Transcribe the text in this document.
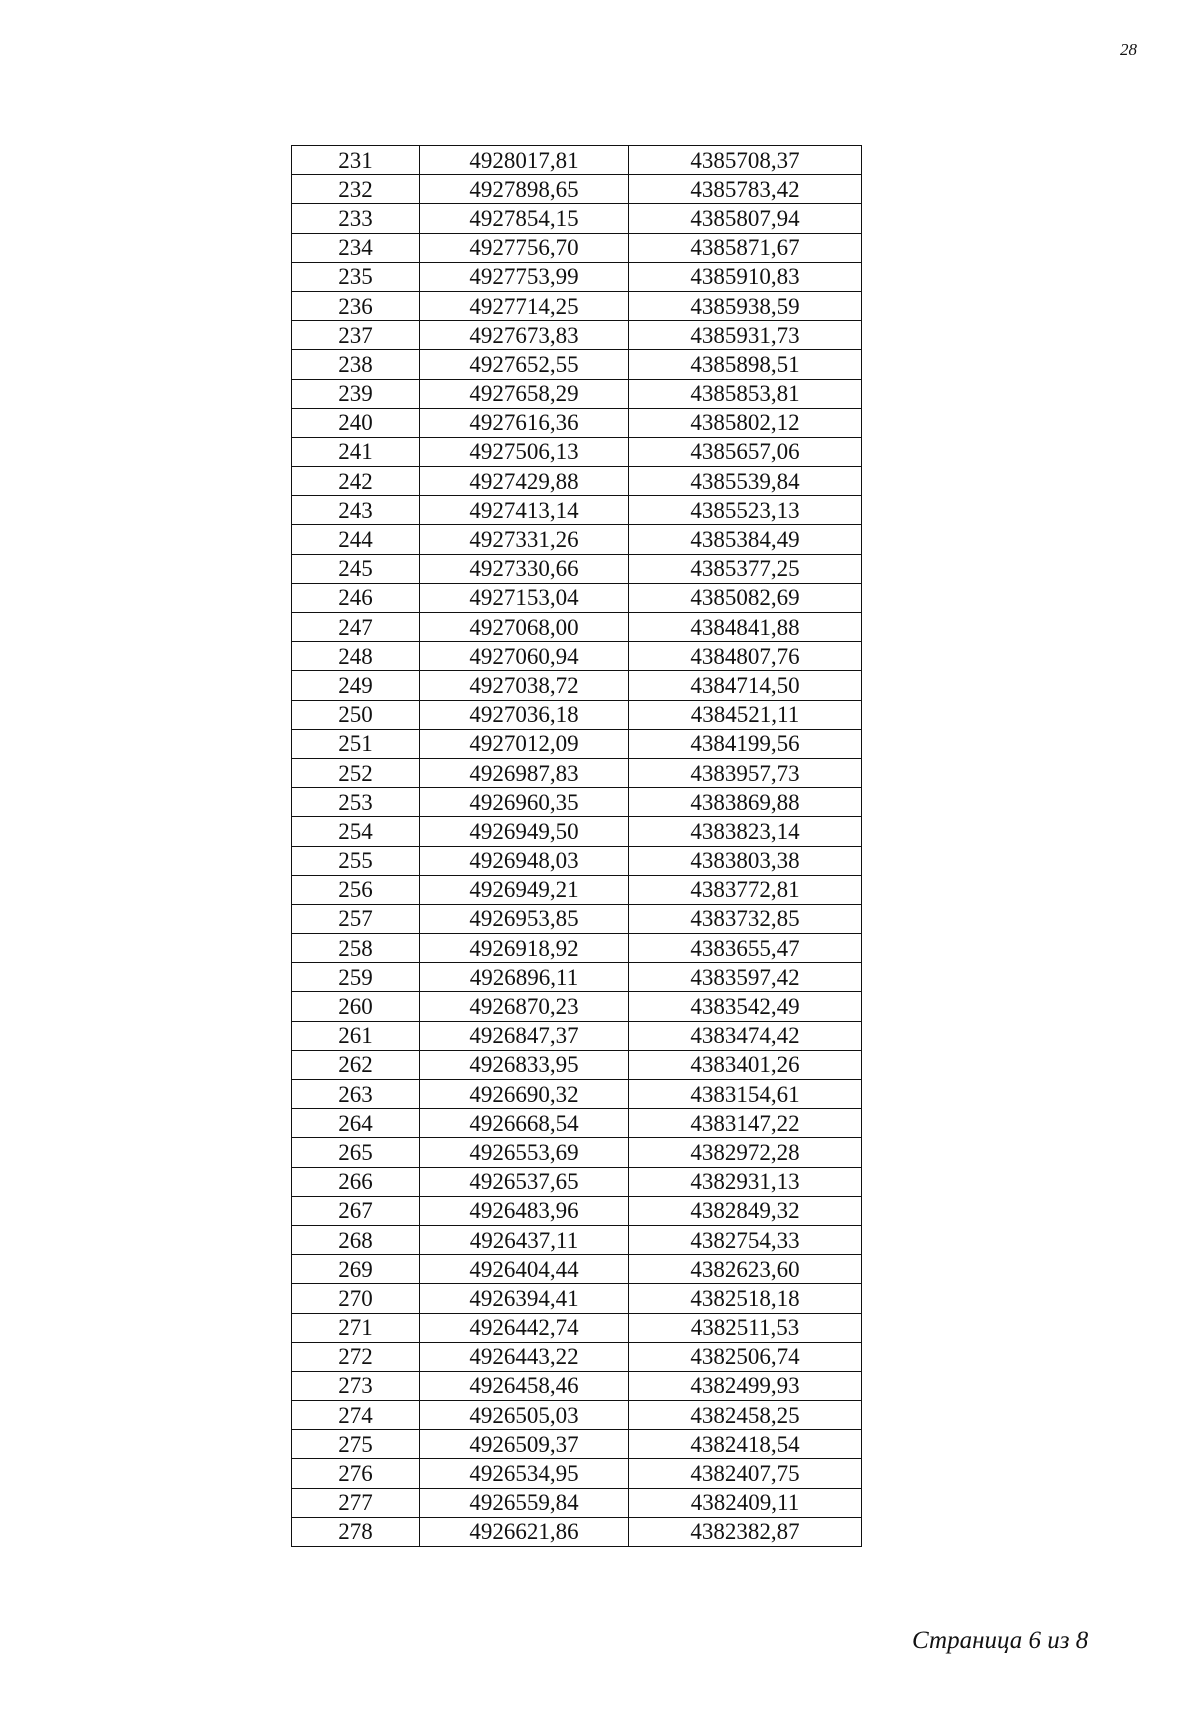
28
231	4928017,81	4385708,37
232	4927898,65	4385783,42
233	4927854,15	4385807,94
234	4927756,70	4385871,67
235	4927753,99	4385910,83
236	4927714,25	4385938,59
237	4927673,83	4385931,73
238	4927652,55	4385898,51
239	4927658,29	4385853,81
240	4927616,36	4385802,12
241	4927506,13	4385657,06
242	4927429,88	4385539,84
243	4927413,14	4385523,13
244	4927331,26	4385384,49
245	4927330,66	4385377,25
246	4927153,04	4385082,69
247	4927068,00	4384841,88
248	4927060,94	4384807,76
249	4927038,72	4384714,50
250	4927036,18	4384521,11
251	4927012,09	4384199,56
252	4926987,83	4383957,73
253	4926960,35	4383869,88
254	4926949,50	4383823,14
255	4926948,03	4383803,38
256	4926949,21	4383772,81
257	4926953,85	4383732,85
258	4926918,92	4383655,47
259	4926896,11	4383597,42
260	4926870,23	4383542,49
261	4926847,37	4383474,42
262	4926833,95	4383401,26
263	4926690,32	4383154,61
264	4926668,54	4383147,22
265	4926553,69	4382972,28
266	4926537,65	4382931,13
267	4926483,96	4382849,32
268	4926437,11	4382754,33
269	4926404,44	4382623,60
270	4926394,41	4382518,18
271	4926442,74	4382511,53
272	4926443,22	4382506,74
273	4926458,46	4382499,93
274	4926505,03	4382458,25
275	4926509,37	4382418,54
276	4926534,95	4382407,75
277	4926559,84	4382409,11
278	4926621,86	4382382,87
Страница 6 из 8
